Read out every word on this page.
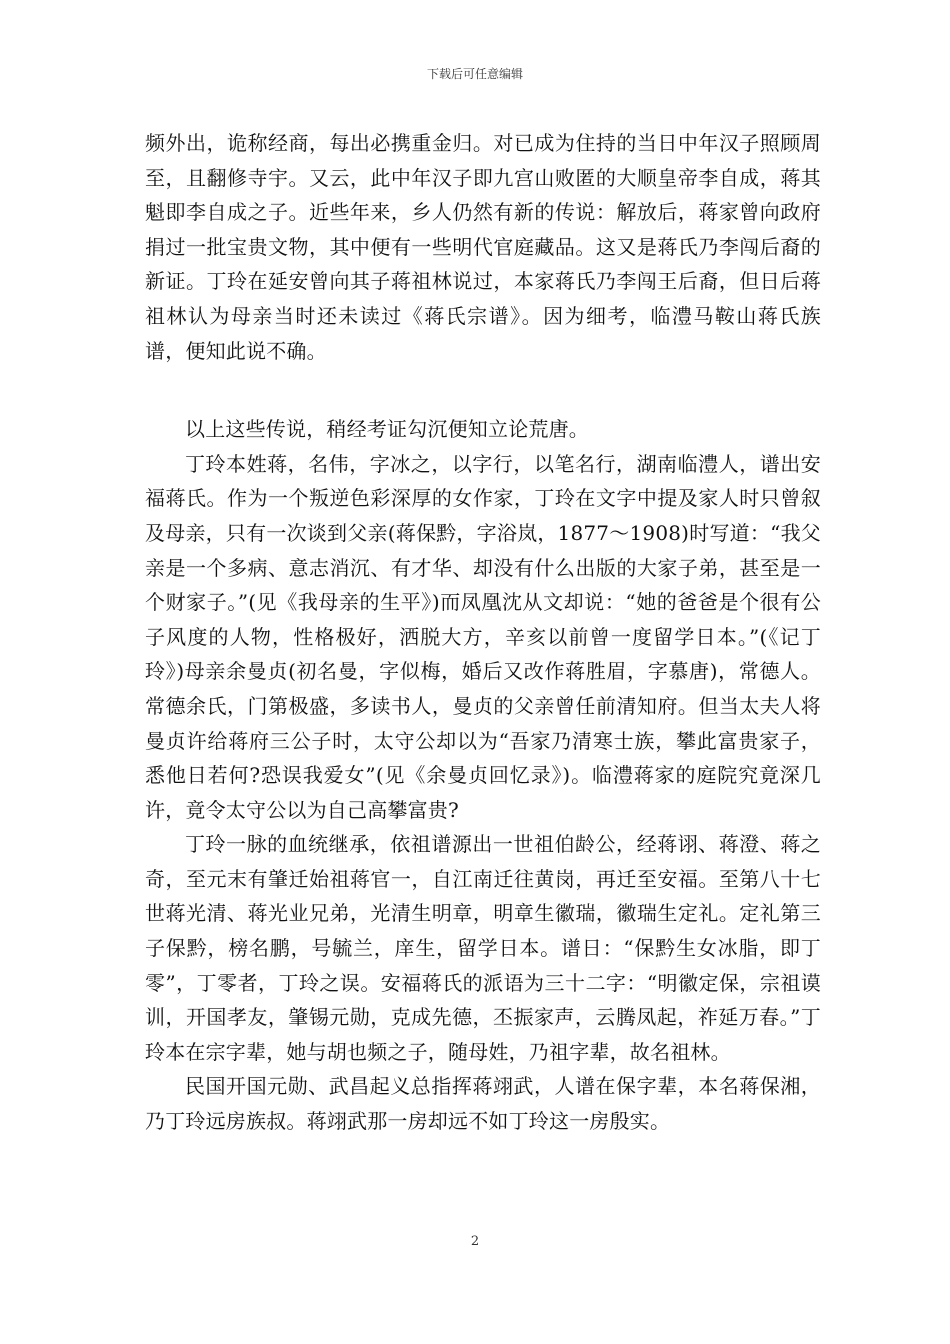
下载后可任意编辑

频外出，诡称经商，每出必携重金归。对已成为住持的当日中年汉子照顾周至，且翻修寺宇。又云，此中年汉子即九宫山败匿的大顺皇帝李自成，蒋其魁即李自成之子。近些年来，乡人仍然有新的传说：解放后，蒋家曾向政府捐过一批宝贵文物，其中便有一些明代官庭藏品。这又是蒋氏乃李闯后裔的新证。丁玲在延安曾向其子蒋祖林说过，本家蒋氏乃李闯王后裔，但日后蒋祖林认为母亲当时还未读过《蒋氏宗谱》。因为细考，临澧马鞍山蒋氏族谱，便知此说不确。

以上这些传说，稍经考证勾沉便知立论荒唐。

丁玲本姓蒋，名伟，字冰之，以字行，以笔名行，湖南临澧人，谱出安福蒋氏。作为一个叛逆色彩深厚的女作家，丁玲在文字中提及家人时只曾叙及母亲，只有一次谈到父亲(蒋保黔，字浴岚，1877～1908)时写道：“我父亲是一个多病、意志消沉、有才华、却没有什么出版的大家子弟，甚至是一个财家子。”(见《我母亲的生平》)而凤凰沈从文却说：“她的爸爸是个很有公子风度的人物，性格极好，洒脱大方，辛亥以前曾一度留学日本。”(《记丁玲》)母亲余曼贞(初名曼，字似梅，婚后又改作蒋胜眉，字慕唐)，常德人。常德余氏，门第极盛，多读书人，曼贞的父亲曾任前清知府。但当太夫人将曼贞许给蒋府三公子时，太守公却以为“吾家乃清寒士族，攀此富贵家子，悉他日若何?恐误我爱女”(见《余曼贞回忆录》)。临澧蒋家的庭院究竟深几许，竟令太守公以为自己高攀富贵?

丁玲一脉的血统继承，依祖谱源出一世祖伯龄公，经蒋诩、蒋澄、蒋之奇，至元末有肇迁始祖蒋官一，自江南迁往黄岗，再迁至安福。至第八十七世蒋光清、蒋光业兄弟，光清生明章，明章生徽瑞，徽瑞生定礼。定礼第三子保黔，榜名鹏，号毓兰，庠生，留学日本。谱日：“保黔生女冰脂，即丁零”，丁零者，丁玲之误。安福蒋氏的派语为三十二字：“明徽定保，宗祖谟训，开国孝友，肇锡元勋，克成先德，丕振家声，云腾凤起，祚延万春。”丁玲本在宗字辈，她与胡也频之子，随母姓，乃祖字辈，故名祖林。

民国开国元勋、武昌起义总指挥蒋翊武，人谱在保字辈，本名蒋保湘，乃丁玲远房族叔。蒋翊武那一房却远不如丁玲这一房殷实。

2
